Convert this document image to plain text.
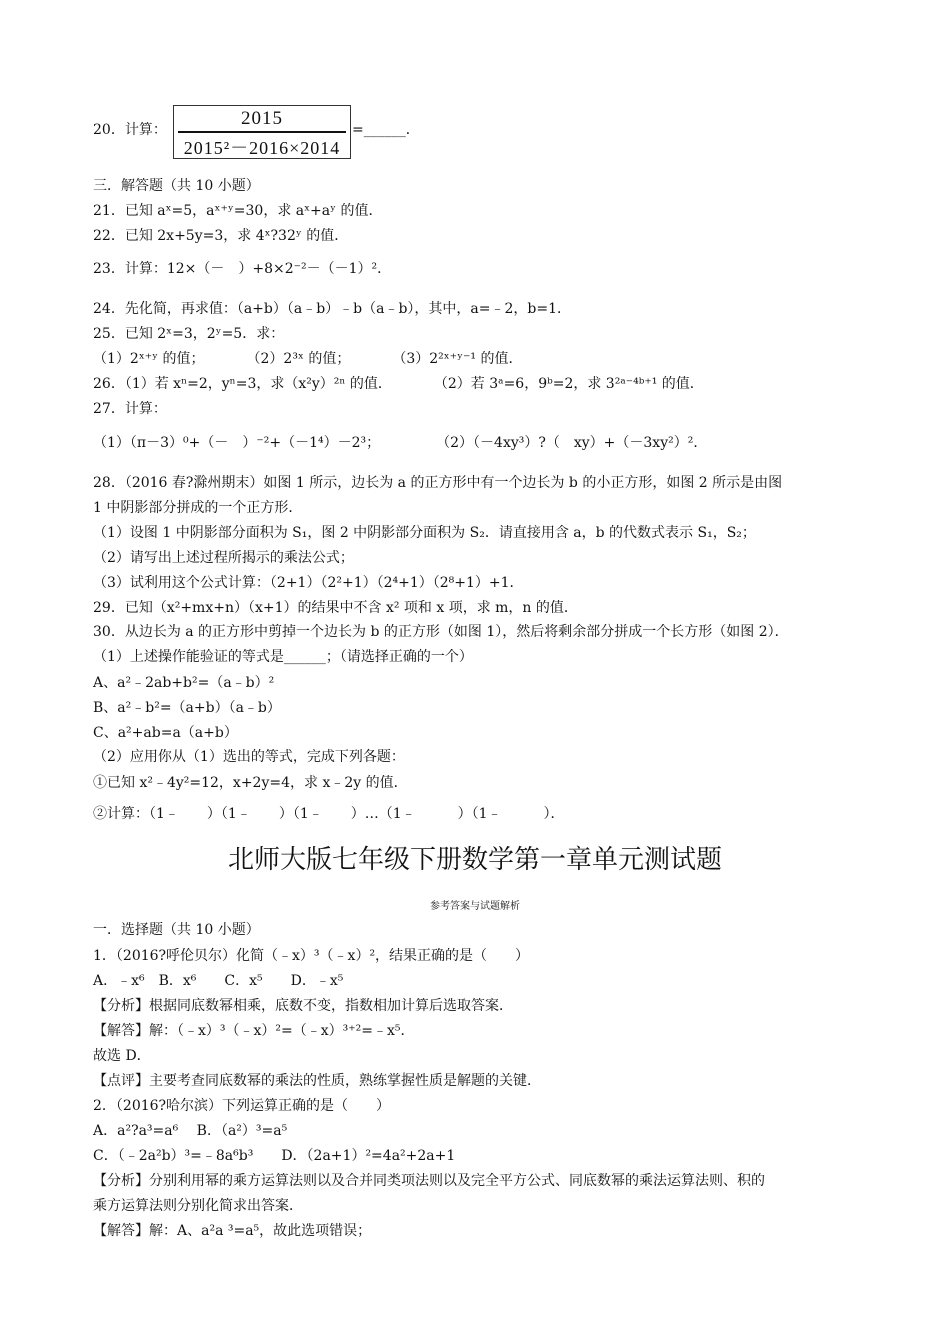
20．计算：
2015
2015²－2016×2014
=______．
三．解答题（共 10 小题）
21．已知 aˣ=5，aˣ⁺ʸ=30，求 aˣ+aʸ 的值．
22．已知 2x+5y=3，求 4ˣ?32ʸ 的值．
23．计算：12×（－　）+8×2⁻²－（－1）²．
24．先化简，再求值：（a+b）（a﹣b）﹣b（a﹣b），其中，a=﹣2，b=1．
25．已知 2ˣ=3，2ʸ=5．求：
（1）2ˣ⁺ʸ 的值；　　　　（2）2³ˣ 的值；　　　　（3）2²ˣ⁺ʸ⁻¹ 的值．
26．（1）若 xⁿ=2，yⁿ=3，求（x²y）²ⁿ 的值．　　　　（2）若 3ᵃ=6，9ᵇ=2，求 3²ᵃ⁻⁴ᵇ⁺¹ 的值．
27．计算：
（1）（π－3）⁰+（－　）⁻²+（－1⁴）－2³；　　　　　（2）（－4xy³）?（　xy）+（－3xy²）²．
28．（2016 春?滁州期末）如图 1 所示，边长为 a 的正方形中有一个边长为 b 的小正方形，如图 2 所示是由图
1 中阴影部分拼成的一个正方形．
（1）设图 1 中阴影部分面积为 S₁，图 2 中阴影部分面积为 S₂．请直接用含 a，b 的代数式表示 S₁，S₂；
（2）请写出上述过程所揭示的乘法公式；
（3）试利用这个公式计算：（2+1）（2²+1）（2⁴+1）（2⁸+1）+1．
29．已知（x²+mx+n）（x+1）的结果中不含 x² 项和 x 项，求 m，n 的值．
30．从边长为 a 的正方形中剪掉一个边长为 b 的正方形（如图 1），然后将剩余部分拼成一个长方形（如图 2）．
（1）上述操作能验证的等式是______；（请选择正确的一个）
A、a²﹣2ab+b²=（a﹣b）²
B、a²﹣b²=（a+b）（a﹣b）
C、a²+ab=a（a+b）
（2）应用你从（1）选出的等式，完成下列各题：
①已知 x²﹣4y²=12，x+2y=4，求 x﹣2y 的值．
②计算：（1﹣　　）（1﹣　　）（1﹣　　）…（1﹣　　　）（1﹣　　　）．
北师大版七年级下册数学第一章单元测试题
参考答案与试题解析
一．选择题（共 10 小题）
1．（2016?呼伦贝尔）化简（﹣x）³（﹣x）²，结果正确的是（　　）
A．﹣x⁶　B．x⁶　　C．x⁵　　D．﹣x⁵
【分析】根据同底数幂相乘，底数不变，指数相加计算后选取答案．
【解答】解：（﹣x）³（﹣x）²=（﹣x）³⁺²=﹣x⁵．
故选 D．
【点评】主要考查同底数幂的乘法的性质，熟练掌握性质是解题的关键．
2．（2016?哈尔滨）下列运算正确的是（　　）
A．a²?a³=a⁶　 B．（a²）³=a⁵
C．（﹣2a²b）³=﹣8a⁶b³　　D．（2a+1）²=4a²+2a+1
【分析】分别利用幂的乘方运算法则以及合并同类项法则以及完全平方公式、同底数幂的乘法运算法则、积的
乘方运算法则分别化简求出答案．
【解答】解：A、a²a ³=a⁵，故此选项错误；
